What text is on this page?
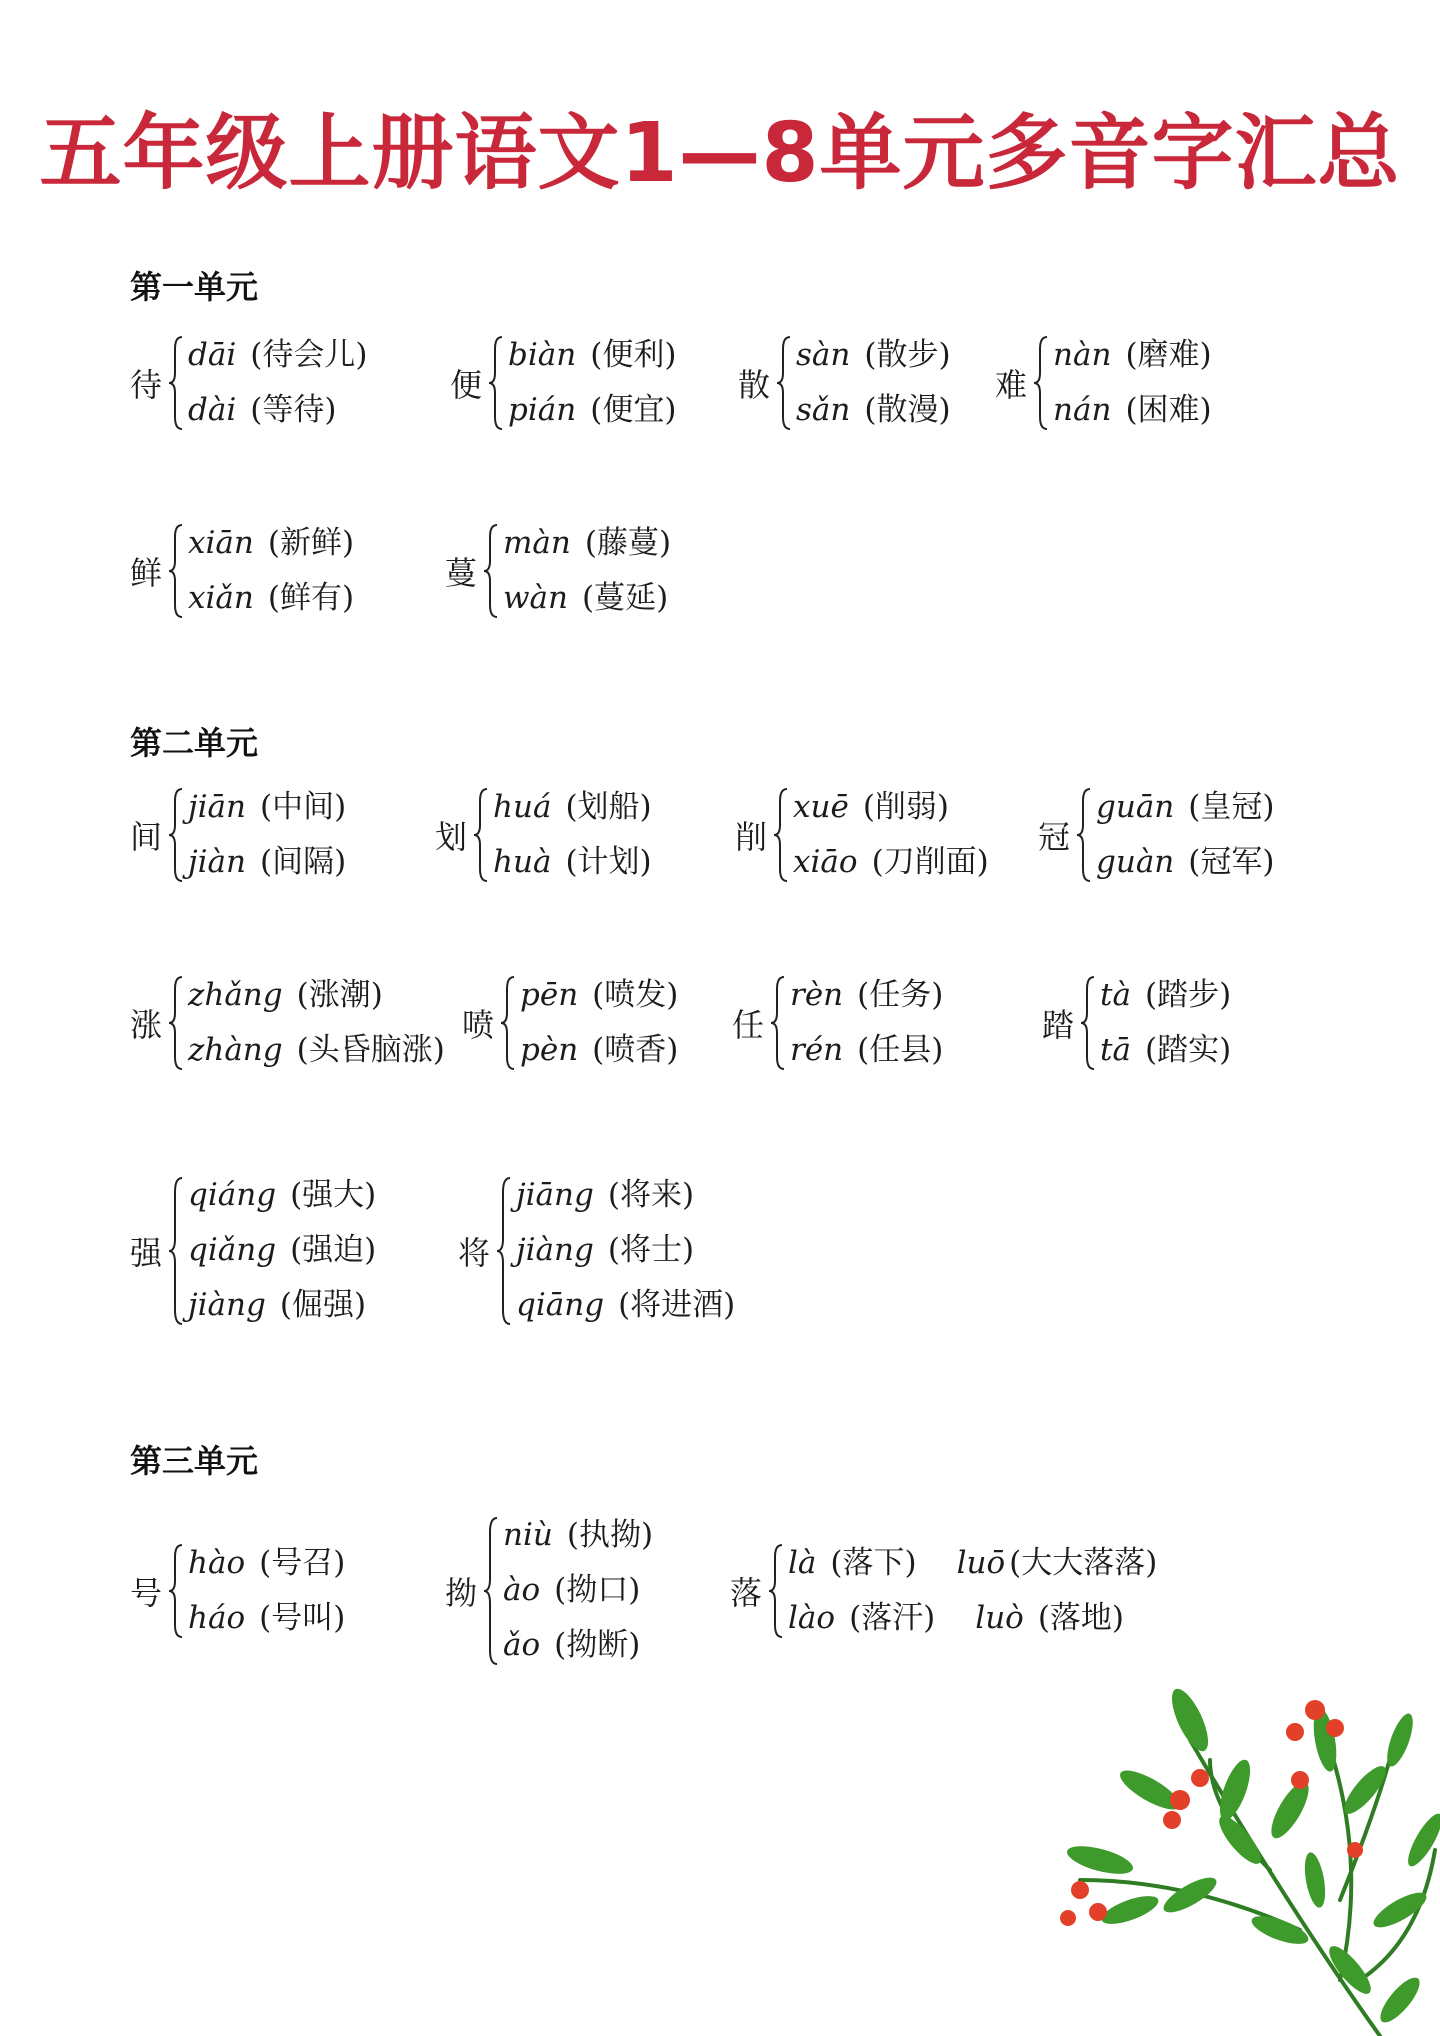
五年级上册语文1—8单元多音字汇总
第一单元
第二单元
第三单元
待
dāi (待会儿)
dài (等待)
便
biàn (便利)
pián (便宜)
散
sàn (散步)
sǎn (散漫)
难
nàn (磨难)
nán (困难)
鲜
xiān (新鲜)
xiǎn (鲜有)
蔓
màn (藤蔓)
wàn (蔓延)
间
jiān (中间)
jiàn (间隔)
划
huá (划船)
huà (计划)
削
xuē (削弱)
xiāo (刀削面)
冠
guān (皇冠)
guàn (冠军)
涨
zhǎng (涨潮)
zhàng (头昏脑涨)
喷
pēn (喷发)
pèn (喷香)
任
rèn (任务)
rén (任县)
踏
tà (踏步)
tā (踏实)
强
qiáng (强大)
qiǎng (强迫)
jiàng (倔强)
将
jiāng (将来)
jiàng (将士)
qiāng (将进酒)
号
hào (号召)
háo (号叫)
拗
niù (执拗)
ào (拗口)
ǎo (拗断)
落
là (落下) luō (大大落落)
lào (落汗) luò (落地)
